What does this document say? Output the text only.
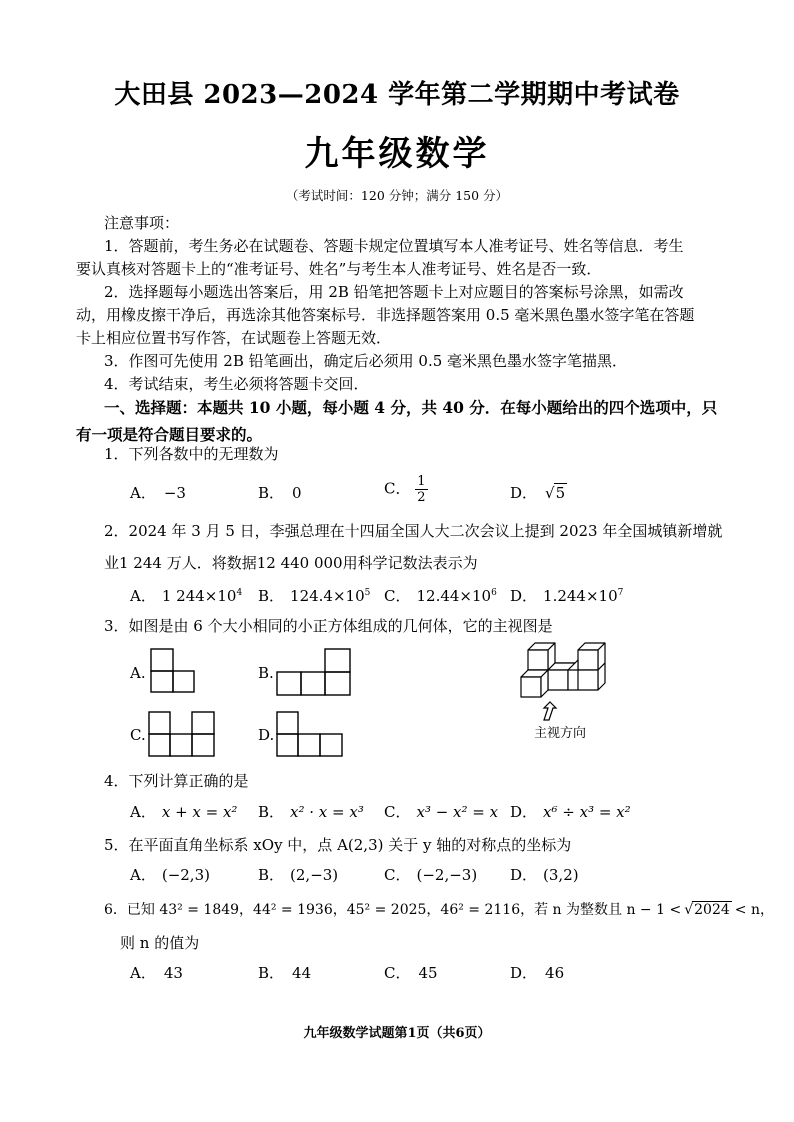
大田县 2023—2024 学年第二学期期中考试卷
九年级数学
（考试时间：120 分钟；满分 150 分）
注意事项：
1．答题前，考生务必在试题卷、答题卡规定位置填写本人准考证号、姓名等信息．考生
要认真核对答题卡上的“准考证号、姓名”与考生本人准考证号、姓名是否一致．
2．选择题每小题选出答案后，用 2B 铅笔把答题卡上对应题目的答案标号涂黑，如需改
动，用橡皮擦干净后，再选涂其他答案标号．非选择题答案用 0.5 毫米黑色墨水签字笔在答题
卡上相应位置书写作答，在试题卷上答题无效．
3．作图可先使用 2B 铅笔画出，确定后必须用 0.5 毫米黑色墨水签字笔描黑．
4．考试结束，考生必须将答题卡交回．
一、选择题：本题共 10 小题，每小题 4 分，共 40 分．在每小题给出的四个选项中，只
有一项是符合题目要求的。
1．下列各数中的无理数为
A． −3	B． 0	C． $\frac{1}{2}$	D． √5
2．2024 年 3 月 5 日，李强总理在十四届全国人大二次会议上提到 2023 年全国城镇新增就
业1 244 万人．将数据12 440 000用科学记数法表示为
A． 1 $244\times 10^4$ B． $124.4\times 10^5$ C． $12.44\times 10^6$ D． $1.244\times 10^7$
3．如图是由 6 个大小相同的小正方体组成的几何体，它的主视图是
A.	B.
C.	D.	主视方向
4．下列计算正确的是
A． x + x = x² B． x² · x = x³ C． x³ − x² = x D． x⁶ ÷ x³ = x²
5．在平面直角坐标系 xOy 中，点 A(2,3) 关于 y 轴的对称点的坐标为
A． (−2,3)	B． (2,−3)	C． (−2,−3) D． (3,2)
6．已知 43² = 1849，44² = 1936，45² = 2025，46² = 2116，若 n 为整数且 n − 1 < √2024 < n，
则 n 的值为
A． 43	B． 44	C． 45	D． 46
九年级数学试题第1页（共6页）
